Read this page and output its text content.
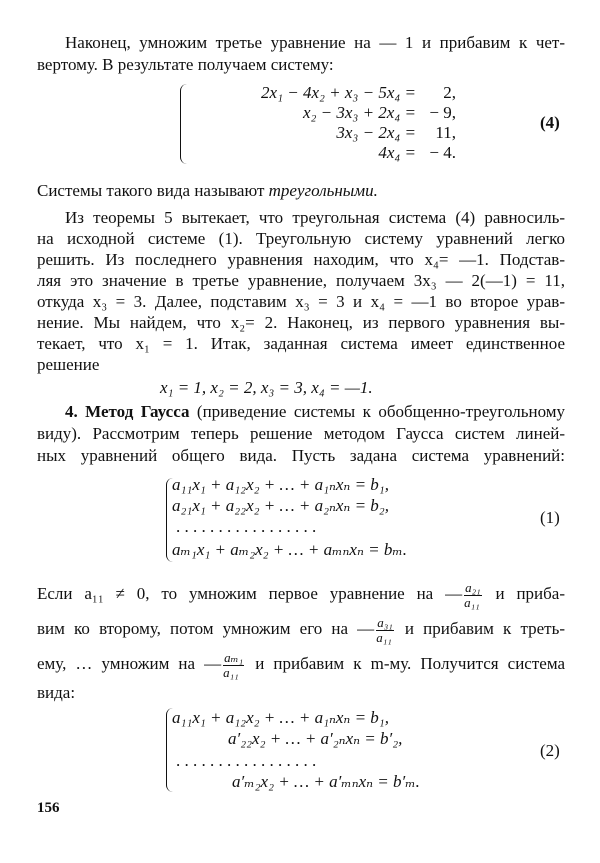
Наконец, умножим третье уравнение на — 1 и прибавим к чет-
вертому. В результате получаем систему:
2x₁ − 4x₂ + x₃ − 5x₄ = 2,
x₂ − 3x₃ + 2x₄ = − 9,
3x₃ − 2x₄ = 11,
4x₄ = − 4.
(4)
Системы такого вида называют треугольными.
Из теоремы 5 вытекает, что треугольная система (4) равносиль-
на исходной системе (1). Треугольную систему уравнений легко
решить. Из последнего уравнения находим, что x₄= —1. Подстав-
ляя это значение в третье уравнение, получаем 3x₃ — 2(—1) = 11,
откуда x₃ = 3. Далее, подставим x₃ = 3 и x₄ = —1 во второе урав-
нение. Мы найдем, что x₂= 2. Наконец, из первого уравнения вы-
текает, что x₁ = 1. Итак, заданная система имеет единственное
решение
x₁ = 1, x₂ = 2, x₃ = 3, x₄ = —1.
4. Метод Гаусса (приведение системы к обобщенно-треугольному
виду). Рассмотрим теперь решение методом Гаусса систем линей-
ных уравнений общего вида. Пусть задана система уравнений:
a₁₁x₁ + a₁₂x₂ + … + a₁ₙxₙ = b₁,
a₂₁x₁ + a₂₂x₂ + … + a₂ₙxₙ = b₂,
. . . . . . . . . . . . . . . . .
aₘ₁x₁ + aₘ₂x₂ + … + aₘₙxₙ = bₘ.
(1)
Если a₁₁ ≠ 0, то умножим первое уравнение на — $\frac{\text{a₂₁}}{\text{a₁₁}}$ и приба-
вим ко второму, потом умножим его на — $\frac{\text{a₃₁}}{\text{a₁₁}}$ и прибавим к треть-
ему, … умножим на — $\frac{\text{aₘ₁}}{\text{a₁₁}}$ и прибавим к m-му. Получится система
вида:
a₁₁x₁ + a₁₂x₂ + … + a₁ₙxₙ = b₁,
a′₂₂x₂ + … + a′₂ₙxₙ = b′₂,
. . . . . . . . . . . . . . . . .
a′ₘ₂x₂ + … + a′ₘₙxₙ = b′ₘ.
(2)
156
